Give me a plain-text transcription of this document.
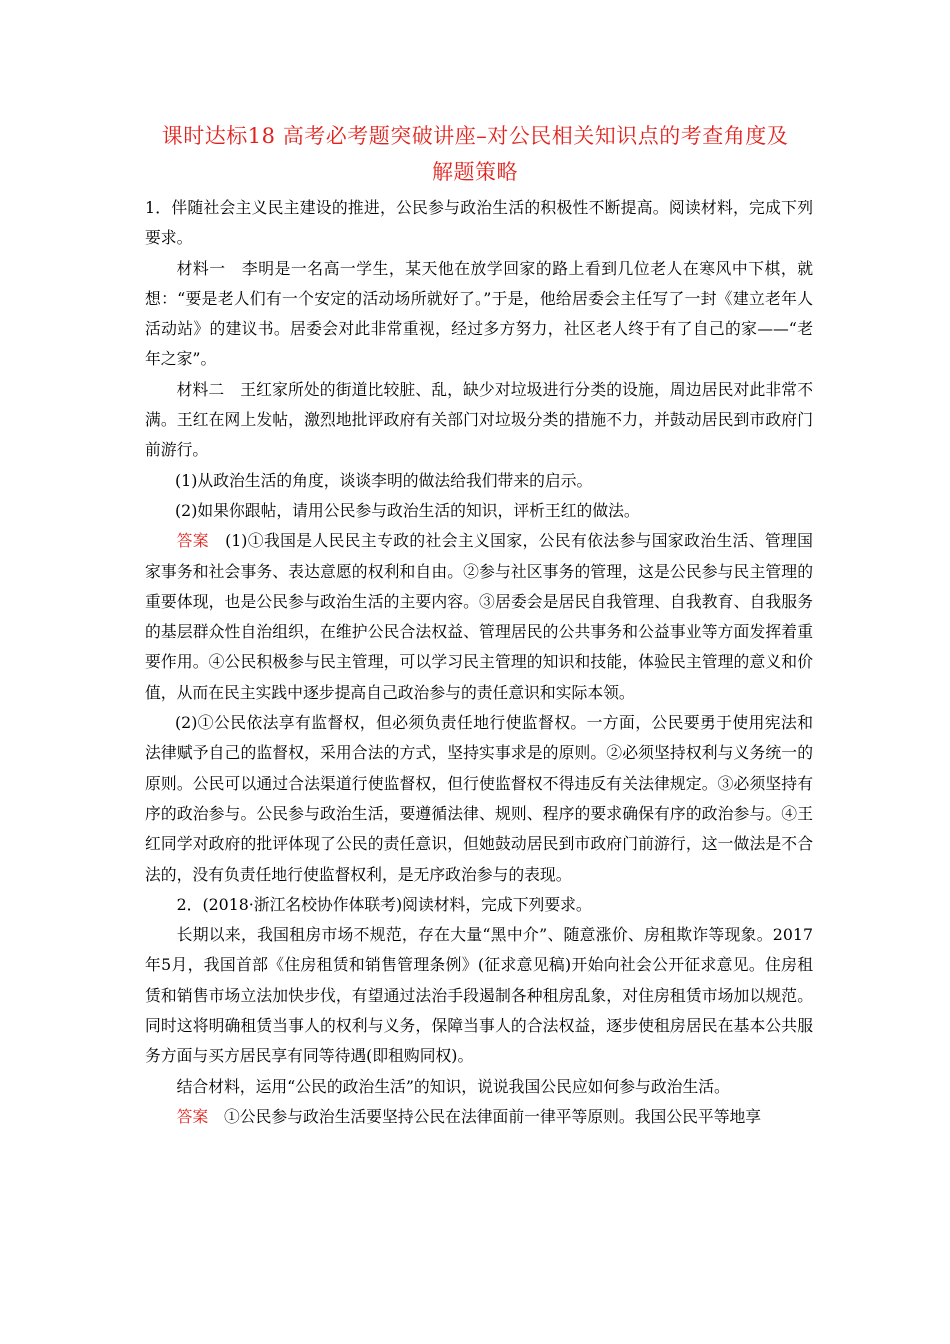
课时达标18 高考必考题突破讲座–对公民相关知识点的考查角度及
解题策略

1．伴随社会主义民主建设的推进，公民参与政治生活的积极性不断提高。阅读材料，完成下列要求。

材料一　李明是一名高一学生，某天他在放学回家的路上看到几位老人在寒风中下棋，就想：“要是老人们有一个安定的活动场所就好了。”于是，他给居委会主任写了一封《建立老年人活动站》的建议书。居委会对此非常重视，经过多方努力，社区老人终于有了自己的家——“老年之家”。

材料二　王红家所处的街道比较脏、乱，缺少对垃圾进行分类的设施，周边居民对此非常不满。王红在网上发帖，激烈地批评政府有关部门对垃圾分类的措施不力，并鼓动居民到市政府门前游行。

(1)从政治生活的角度，谈谈李明的做法给我们带来的启示。

(2)如果你跟帖，请用公民参与政治生活的知识，评析王红的做法。

答案　(1)①我国是人民民主专政的社会主义国家，公民有依法参与国家政治生活、管理国家事务和社会事务、表达意愿的权利和自由。②参与社区事务的管理，这是公民参与民主管理的重要体现，也是公民参与政治生活的主要内容。③居委会是居民自我管理、自我教育、自我服务的基层群众性自治组织，在维护公民合法权益、管理居民的公共事务和公益事业等方面发挥着重要作用。④公民积极参与民主管理，可以学习民主管理的知识和技能，体验民主管理的意义和价值，从而在民主实践中逐步提高自己政治参与的责任意识和实际本领。

(2)①公民依法享有监督权，但必须负责任地行使监督权。一方面，公民要勇于使用宪法和法律赋予自己的监督权，采用合法的方式，坚持实事求是的原则。②必须坚持权利与义务统一的原则。公民可以通过合法渠道行使监督权，但行使监督权不得违反有关法律规定。③必须坚持有序的政治参与。公民参与政治生活，要遵循法律、规则、程序的要求确保有序的政治参与。④王红同学对政府的批评体现了公民的责任意识，但她鼓动居民到市政府门前游行，这一做法是不合法的，没有负责任地行使监督权利，是无序政治参与的表现。

2．(2018·浙江名校协作体联考)阅读材料，完成下列要求。

长期以来，我国租房市场不规范，存在大量“黑中介”、随意涨价、房租欺诈等现象。2017年5月，我国首部《住房租赁和销售管理条例》(征求意见稿)开始向社会公开征求意见。住房租赁和销售市场立法加快步伐，有望通过法治手段遏制各种租房乱象，对住房租赁市场加以规范。同时这将明确租赁当事人的权利与义务，保障当事人的合法权益，逐步使租房居民在基本公共服务方面与买方居民享有同等待遇(即租购同权)。

结合材料，运用“公民的政治生活”的知识，说说我国公民应如何参与政治生活。

答案　①公民参与政治生活要坚持公民在法律面前一律平等原则。我国公民平等地享
